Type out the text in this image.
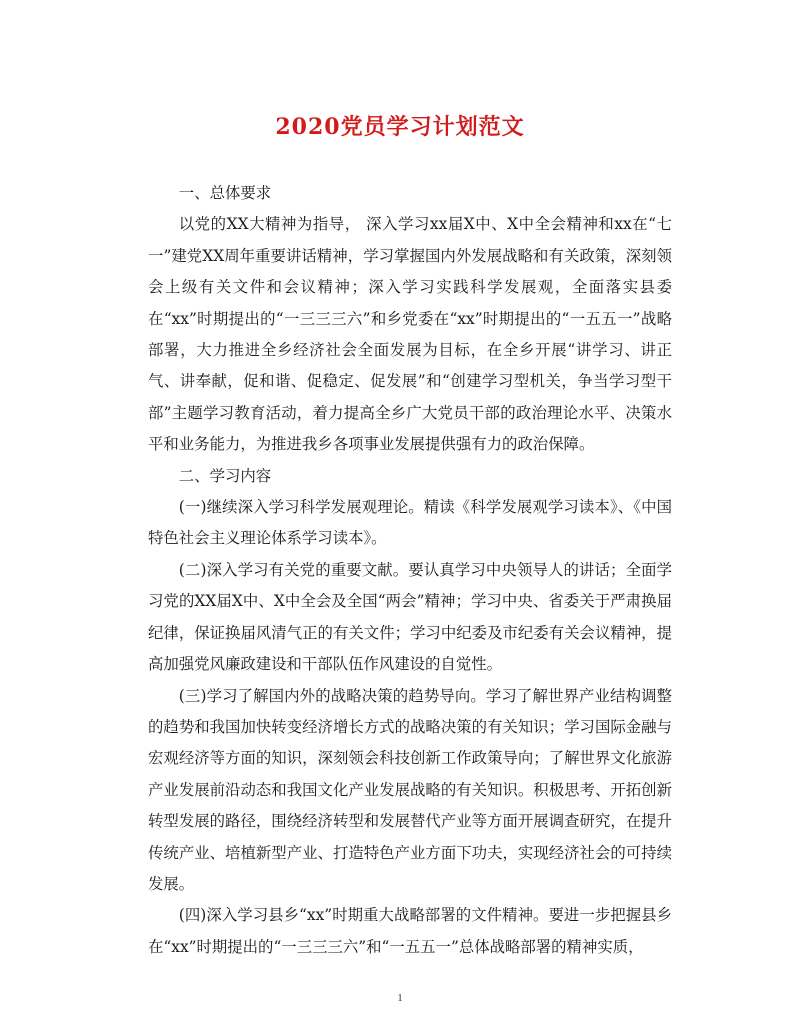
2020党员学习计划范文

一、总体要求

以党的XX大精神为指导， 深入学习xx届X中、X中全会精神和xx在“七一”建党XX周年重要讲话精神，学习掌握国内外发展战略和有关政策，深刻领会上级有关文件和会议精神；深入学习实践科学发展观，全面落实县委在“xx”时期提出的“一三三三六”和乡党委在“xx”时期提出的“一五五一”战略部署，大力推进全乡经济社会全面发展为目标，在全乡开展“讲学习、讲正气、讲奉献，促和谐、促稳定、促发展”和“创建学习型机关，争当学习型干部”主题学习教育活动，着力提高全乡广大党员干部的政治理论水平、决策水平和业务能力，为推进我乡各项事业发展提供强有力的政治保障。

二、学习内容

(一)继续深入学习科学发展观理论。精读《科学发展观学习读本》、《中国特色社会主义理论体系学习读本》。

(二)深入学习有关党的重要文献。要认真学习中央领导人的讲话；全面学习党的XX届X中、X中全会及全国“两会”精神；学习中央、省委关于严肃换届纪律，保证换届风清气正的有关文件；学习中纪委及市纪委有关会议精神，提高加强党风廉政建设和干部队伍作风建设的自觉性。

(三)学习了解国内外的战略决策的趋势导向。学习了解世界产业结构调整的趋势和我国加快转变经济增长方式的战略决策的有关知识；学习国际金融与宏观经济等方面的知识，深刻领会科技创新工作政策导向；了解世界文化旅游产业发展前沿动态和我国文化产业发展战略的有关知识。积极思考、开拓创新转型发展的路径，围绕经济转型和发展替代产业等方面开展调查研究，在提升传统产业、培植新型产业、打造特色产业方面下功夫，实现经济社会的可持续发展。

(四)深入学习县乡“xx”时期重大战略部署的文件精神。要进一步把握县乡在“xx”时期提出的“一三三三六”和“一五五一”总体战略部署的精神实质，

1
